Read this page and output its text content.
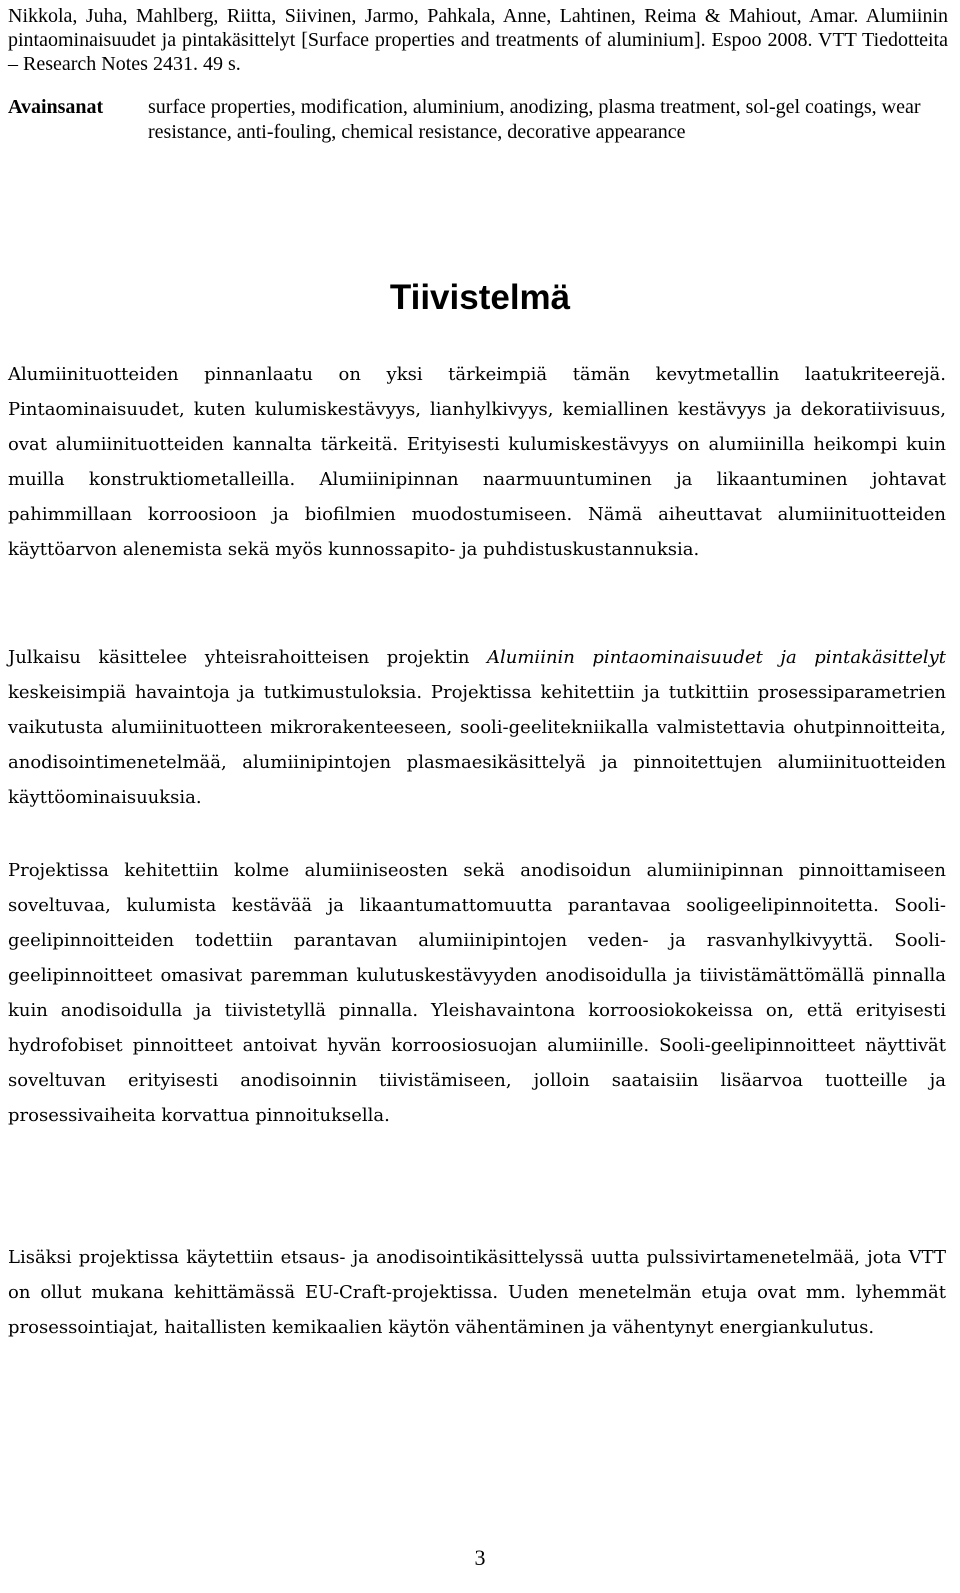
Nikkola, Juha, Mahlberg, Riitta, Siivinen, Jarmo, Pahkala, Anne, Lahtinen, Reima & Mahiout, Amar. Alumiinin pintaominaisuudet ja pintakäsittelyt [Surface properties and treatments of aluminium]. Espoo 2008. VTT Tiedotteita – Research Notes 2431. 49 s.
Avainsanat surface properties, modification, aluminium, anodizing, plasma treatment, sol-gel coatings, wear resistance, anti-fouling, chemical resistance, decorative appearance
Tiivistelmä

Alumiinituotteiden pinnanlaatu on yksi tärkeimpiä tämän kevytmetallin laatukriteerejä. Pintaominaisuudet, kuten kulumiskestävyys, lianhylkivyys, kemiallinen kestävyys ja dekoratiivisuus, ovat alumiinituotteiden kannalta tärkeitä. Erityisesti kulumiskestävyys on alumiinilla heikompi kuin muilla konstruktiometalleilla. Alumiinipinnan naarmuuntuminen ja likaantuminen johtavat pahimmillaan korroosioon ja biofilmien muodostumiseen. Nämä aiheuttavat alumiinituotteiden käyttöarvon alenemista sekä myös kunnossapito- ja puhdistuskustannuksia.

Julkaisu käsittelee yhteisrahoitteisen projektin Alumiinin pintaominaisuudet ja pintakäsittelyt keskeisimpiä havaintoja ja tutkimustuloksia. Projektissa kehitettiin ja tutkittiin prosessiparametrien vaikutusta alumiinituotteen mikrorakenteeseen, sooli-geelitekniikalla valmistettavia ohutpinnoitteita, anodisointimenetelmää, alumiinipintojen plasmaesikäsittelyä ja pinnoitettujen alumiinituotteiden käyttöominaisuuksia.

Projektissa kehitettiin kolme alumiiniseosten sekä anodisoidun alumiinipinnan pinnoittamiseen soveltuvaa, kulumista kestävää ja likaantumattomuutta parantavaa sooligeelipinnoitetta. Sooli-geelipinnoitteiden todettiin parantavan alumiinipintojen veden- ja rasvanhylkivyyttä. Sooli-geelipinnoitteet omasivat paremman kulutuskestävyyden anodisoidulla ja tiivistämättömällä pinnalla kuin anodisoidulla ja tiivistetyllä pinnalla. Yleishavaintona korroosiokokeissa on, että erityisesti hydrofobiset pinnoitteet antoivat hyvän korroosiosuojan alumiinille. Sooli-geelipinnoitteet näyttivät soveltuvan erityisesti anodisoinnin tiivistämiseen, jolloin saataisiin lisäarvoa tuotteille ja prosessivaiheita korvattua pinnoituksella.

Lisäksi projektissa käytettiin etsaus- ja anodisointikäsittelyssä uutta pulssivirtamenetelmää, jota VTT on ollut mukana kehittämässä EU-Craft-projektissa. Uuden menetelmän etuja ovat mm. lyhemmät prosessointiajat, haitallisten kemikaalien käytön vähentäminen ja vähentynyt energiankulutus.

3
